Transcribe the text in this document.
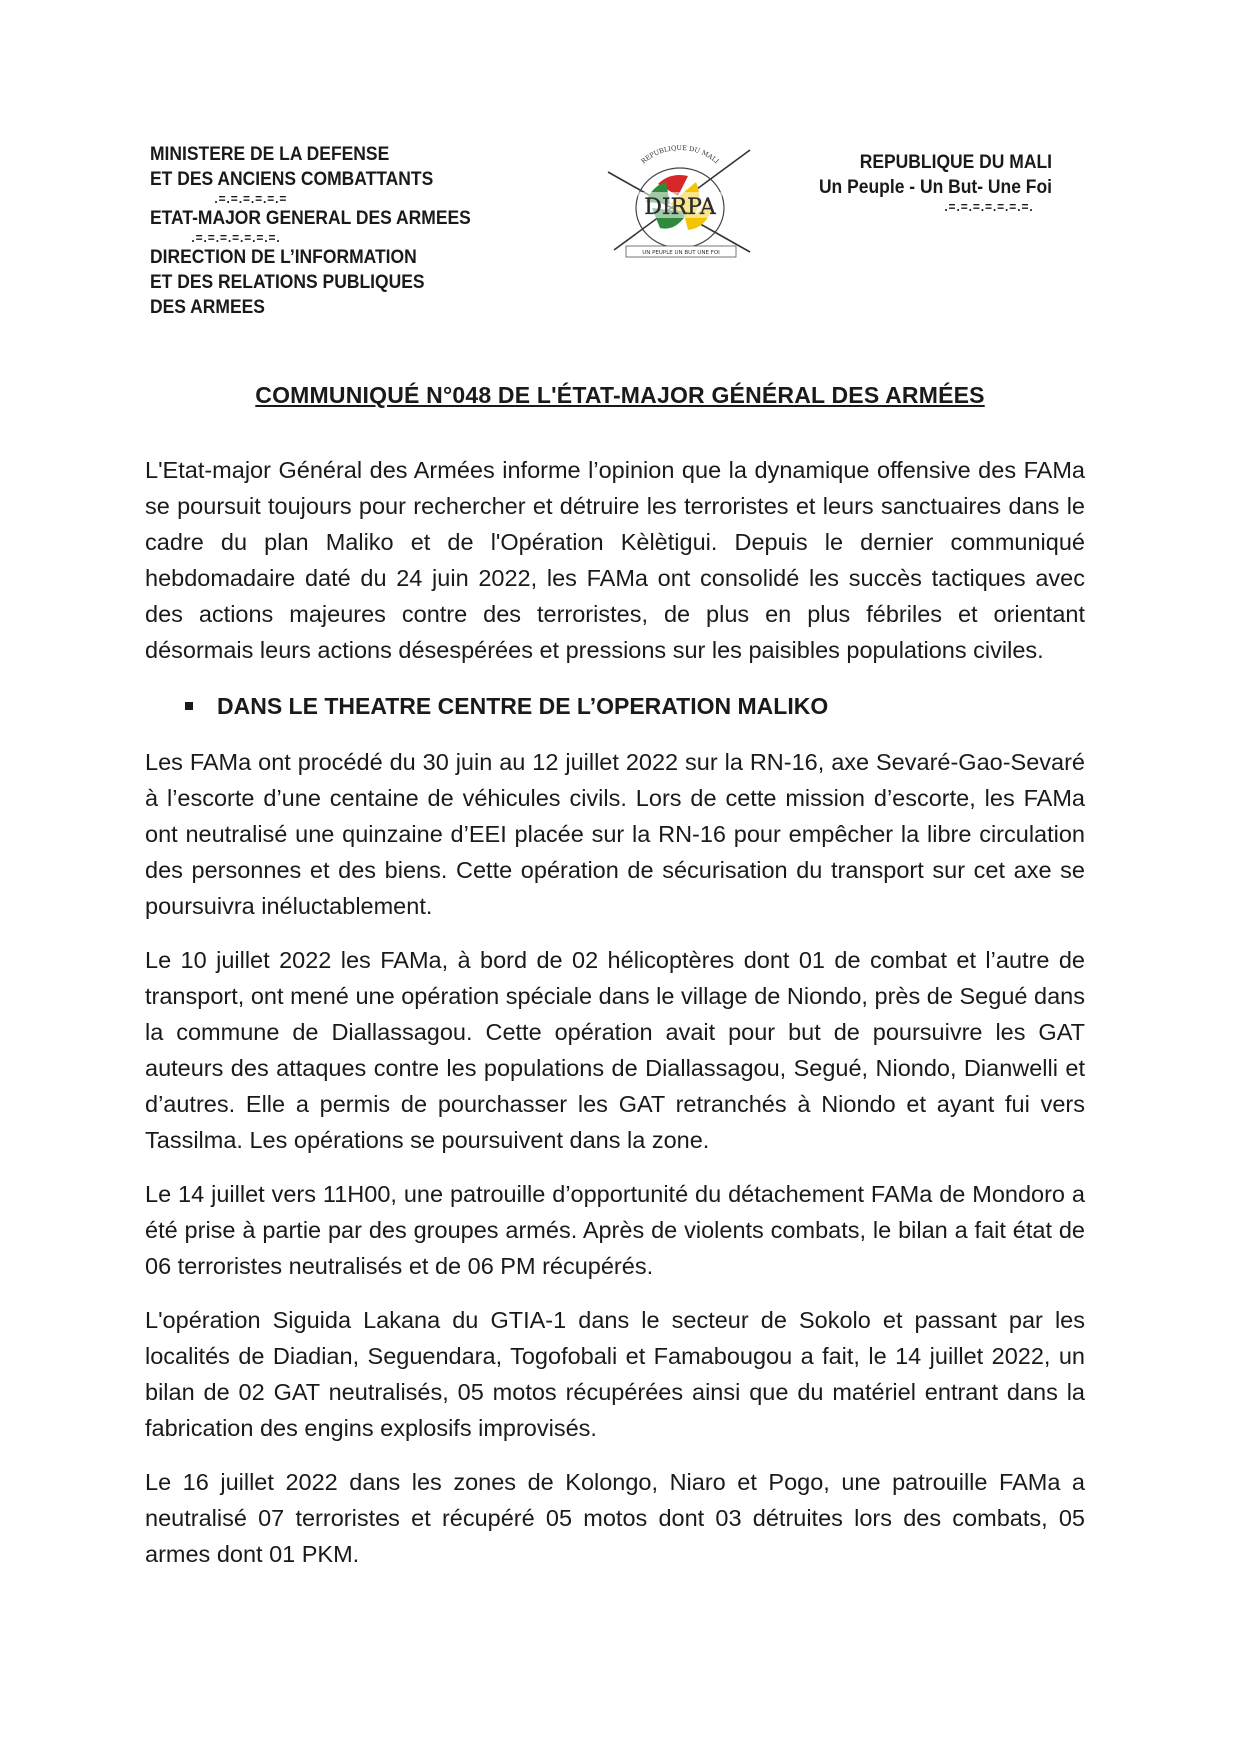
MINISTERE DE LA DEFENSE
ET DES ANCIENS COMBATTANTS
.=.=.=.=.=.=
ETAT-MAJOR GENERAL DES ARMEES
.=.=.=.=.=.=.=.
DIRECTION DE L’INFORMATION
ET DES RELATIONS PUBLIQUES
DES ARMEES
DIRPA
REPUBLIQUE DU MALI
UN PEUPLE UN BUT UNE FOI
REPUBLIQUE DU MALI
Un Peuple - Un But- Une Foi
.=.=.=.=.=.=.=.
COMMUNIQUÉ N°048 DE L'ÉTAT-MAJOR GÉNÉRAL DES ARMÉES

L'Etat-major Général des Armées informe l’opinion que la dynamique offensive des FAMa se poursuit toujours pour rechercher et détruire les terroristes et leurs sanctuaires dans le cadre du plan Maliko et de l'Opération Kèlètigui. Depuis le dernier communiqué hebdomadaire daté du 24 juin 2022, les FAMa ont consolidé les succès tactiques avec des actions majeures contre des terroristes, de plus en plus fébriles et orientant désormais leurs actions désespérées et pressions sur les paisibles populations civiles.

DANS LE THEATRE CENTRE DE L’OPERATION MALIKO

Les FAMa ont procédé du 30 juin au 12 juillet 2022 sur la RN-16, axe Sevaré-Gao-Sevaré à l’escorte d’une centaine de véhicules civils. Lors de cette mission d’escorte, les FAMa ont neutralisé une quinzaine d’EEI placée sur la RN-16 pour empêcher la libre circulation des personnes et des biens. Cette opération de sécurisation du transport sur cet axe se poursuivra inéluctablement.

Le 10 juillet 2022 les FAMa, à bord de 02 hélicoptères dont 01 de combat et l’autre de transport, ont mené une opération spéciale dans le village de Niondo, près de Segué dans la commune de Diallassagou. Cette opération avait pour but de poursuivre les GAT auteurs des attaques contre les populations de Diallassagou, Segué, Niondo, Dianwelli et d’autres. Elle a permis de pourchasser les GAT retranchés à Niondo et ayant fui vers Tassilma. Les opérations se poursuivent dans la zone.

Le 14 juillet vers 11H00, une patrouille d’opportunité du détachement FAMa de Mondoro a été prise à partie par des groupes armés. Après de violents combats, le bilan a fait état de 06 terroristes neutralisés et de 06 PM récupérés.

L'opération Siguida Lakana du GTIA-1 dans le secteur de Sokolo et passant par les localités de Diadian, Seguendara, Togofobali et Famabougou a fait, le 14 juillet 2022, un bilan de 02 GAT neutralisés, 05 motos récupérées ainsi que du matériel entrant dans la fabrication des engins explosifs improvisés.

Le 16 juillet 2022 dans les zones de Kolongo, Niaro et Pogo, une patrouille FAMa a neutralisé 07 terroristes et récupéré 05 motos dont 03 détruites lors des combats, 05 armes dont 01 PKM.
